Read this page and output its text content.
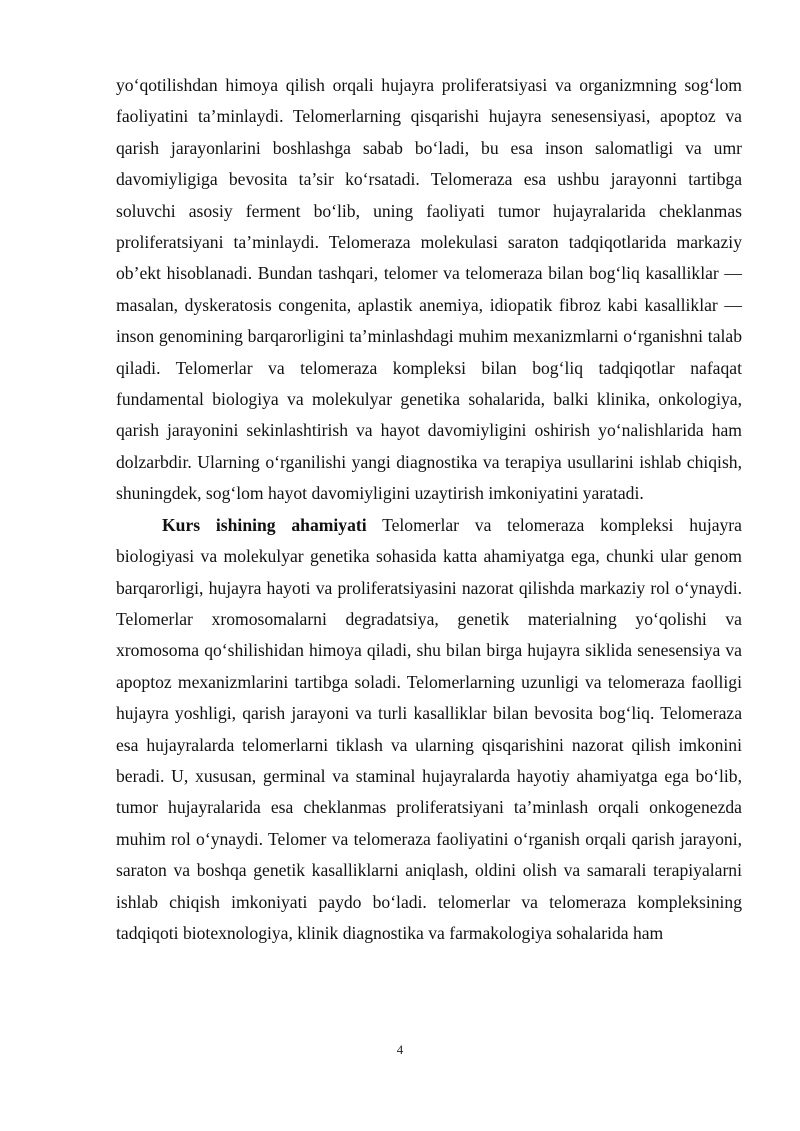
yo‘qotilishdan himoya qilish orqali hujayra proliferatsiyasi va organizmning sog‘lom faoliyatini ta’minlaydi. Telomerlarning qisqarishi hujayra senesensiyasi, apoptoz va qarish jarayonlarini boshlashga sabab bo‘ladi, bu esa inson salomatligi va umr davomiyligiga bevosita ta’sir ko‘rsatadi. Telomeraza esa ushbu jarayonni tartibga soluvchi asosiy ferment bo‘lib, uning faoliyati tumor hujayralarida cheklanmas proliferatsiyani ta’minlaydi. Telomeraza molekulasi saraton tadqiqotlarida markaziy ob’ekt hisoblanadi. Bundan tashqari, telomer va telomeraza bilan bog‘liq kasalliklar — masalan, dyskeratosis congenita, aplastik anemiya, idiopatik fibroz kabi kasalliklar — inson genomining barqarorligini ta’minlashdagi muhim mexanizmlarni o‘rganishni talab qiladi. Telomerlar va telomeraza kompleksi bilan bog‘liq tadqiqotlar nafaqat fundamental biologiya va molekulyar genetika sohalarida, balki klinika, onkologiya, qarish jarayonini sekinlashtirish va hayot davomiyligini oshirish yo‘nalishlarida ham dolzarbdir. Ularning o‘rganilishi yangi diagnostika va terapiya usullarini ishlab chiqish, shuningdek, sog‘lom hayot davomiyligini uzaytirish imkoniyatini yaratadi.

Kurs ishining ahamiyati Telomerlar va telomeraza kompleksi hujayra biologiyasi va molekulyar genetika sohasida katta ahamiyatga ega, chunki ular genom barqarorligi, hujayra hayoti va proliferatsiyasini nazorat qilishda markaziy rol o‘ynaydi. Telomerlar xromosomalarni degradatsiya, genetik materialning yo‘qolishi va xromosoma qo‘shilishidan himoya qiladi, shu bilan birga hujayra siklida senesensiya va apoptoz mexanizmlarini tartibga soladi. Telomerlarning uzunligi va telomeraza faolligi hujayra yoshligi, qarish jarayoni va turli kasalliklar bilan bevosita bog‘liq. Telomeraza esa hujayralarda telomerlarni tiklash va ularning qisqarishini nazorat qilish imkonini beradi. U, xususan, germinal va staminal hujayralarda hayotiy ahamiyatga ega bo‘lib, tumor hujayralarida esa cheklanmas proliferatsiyani ta’minlash orqali onkogenezda muhim rol o‘ynaydi. Telomer va telomeraza faoliyatini o‘rganish orqali qarish jarayoni, saraton va boshqa genetik kasalliklarni aniqlash, oldini olish va samarali terapiyalarni ishlab chiqish imkoniyati paydo bo‘ladi. telomerlar va telomeraza kompleksining tadqiqoti biotexnologiya, klinik diagnostika va farmakologiya sohalarida ham

4
